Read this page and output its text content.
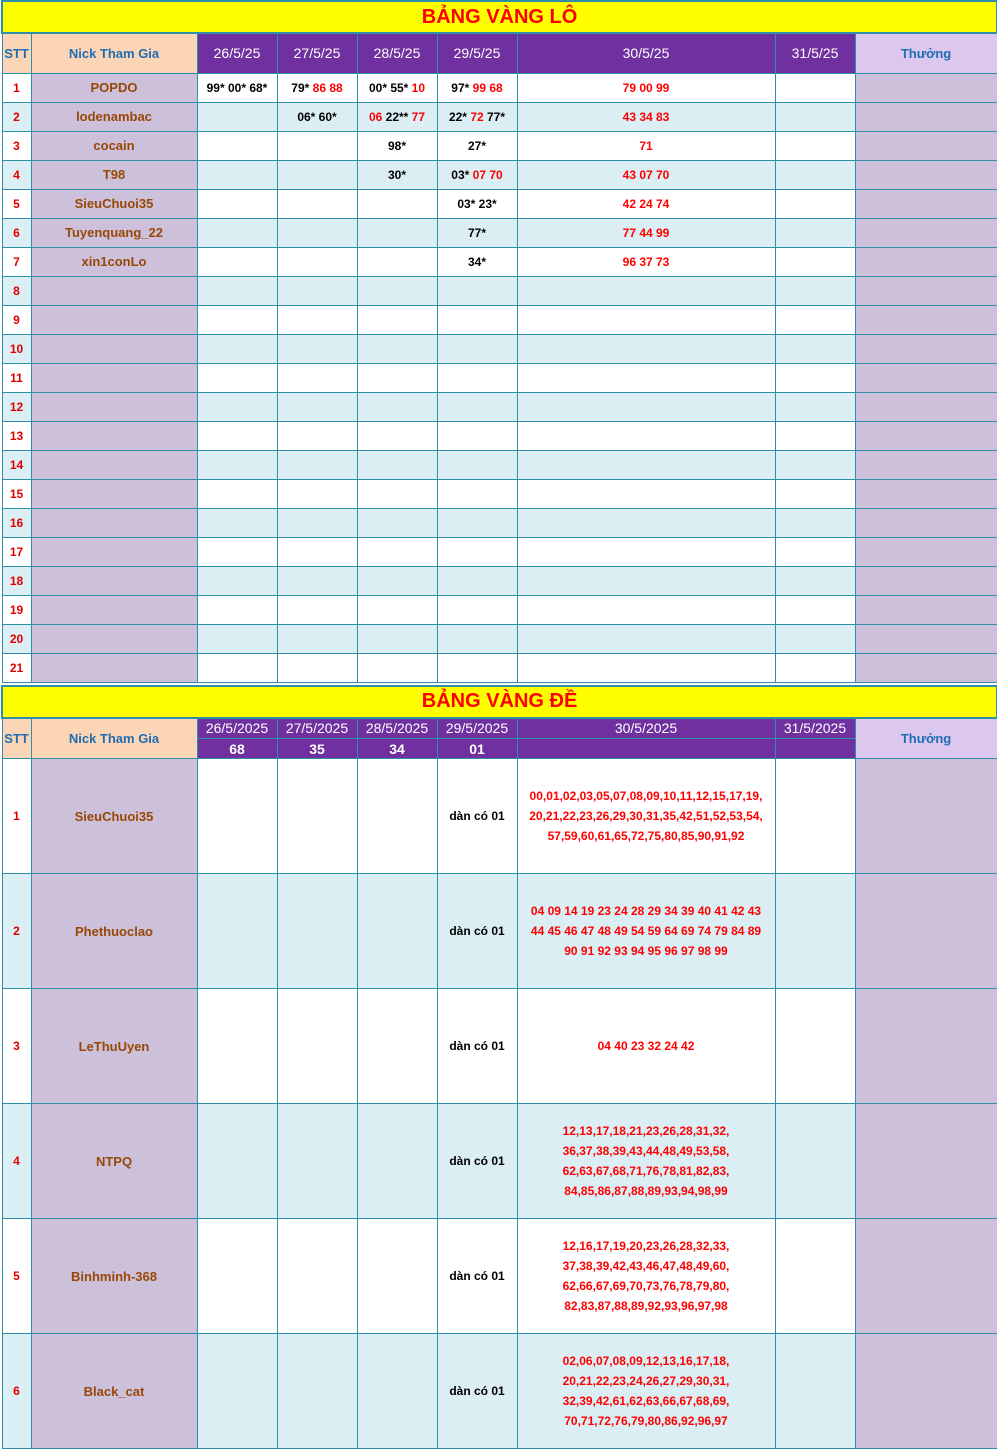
BẢNG VÀNG LÔ								
STT	Nick Tham Gia	26/5/25	27/5/25	28/5/25	29/5/25	30/5/25	31/5/25	Thưởng
1	POPDO	99* 00* 68*	79* 86 88	00* 55* 10	97* 99 68	79 00 99		
2	lodenambac		06* 60*	06 22** 77	22* 72 77*	43 34 83		
3	cocain			98*	27*	71		
4	T98			30*	03* 07 70	43 07 70		
5	SieuChuoi35				03* 23*	42 24 74		
6	Tuyenquang_22				77*	77 44 99		
7	xin1conLo				34*	96 37 73		
8								
9								
10								
11								
12								
13								
14								
15								
16								
17								
18								
19								
20								
21								
BẢNG VÀNG ĐỀ								
STT	Nick Tham Gia	26/5/2025	27/5/2025	28/5/2025	29/5/2025	30/5/2025	31/5/2025	Thưởng
		68	35	34	01			
1	SieuChuoi35				dàn có 01	00,01,02,03,05,07,08,09,10,11,12,15,17,19,
20,21,22,23,26,29,30,31,35,42,51,52,53,54,
57,59,60,61,65,72,75,80,85,90,91,92		

2	Phethuoclao				dàn có 01	04 09 14 19 23 24 28 29 34 39 40 41 42 43
44 45 46 47 48 49 54 59 64 69 74 79 84 89
90 91 92 93 94 95 96 97 98 99		

3	LeThuUyen				dàn có 01	04 40 23 32 24 42		

4	NTPQ				dàn có 01	12,13,17,18,21,23,26,28,31,32,
36,37,38,39,43,44,48,49,53,58,
62,63,67,68,71,76,78,81,82,83,
84,85,86,87,88,89,93,94,98,99		

5	Binhminh-368				dàn có 01	12,16,17,19,20,23,26,28,32,33,
37,38,39,42,43,46,47,48,49,60,
62,66,67,69,70,73,76,78,79,80,
82,83,87,88,89,92,93,96,97,98		

6	Black_cat				dàn có 01	02,06,07,08,09,12,13,16,17,18,
20,21,22,23,24,26,27,29,30,31,
32,39,42,61,62,63,66,67,68,69,
70,71,72,76,79,80,86,92,96,97		
